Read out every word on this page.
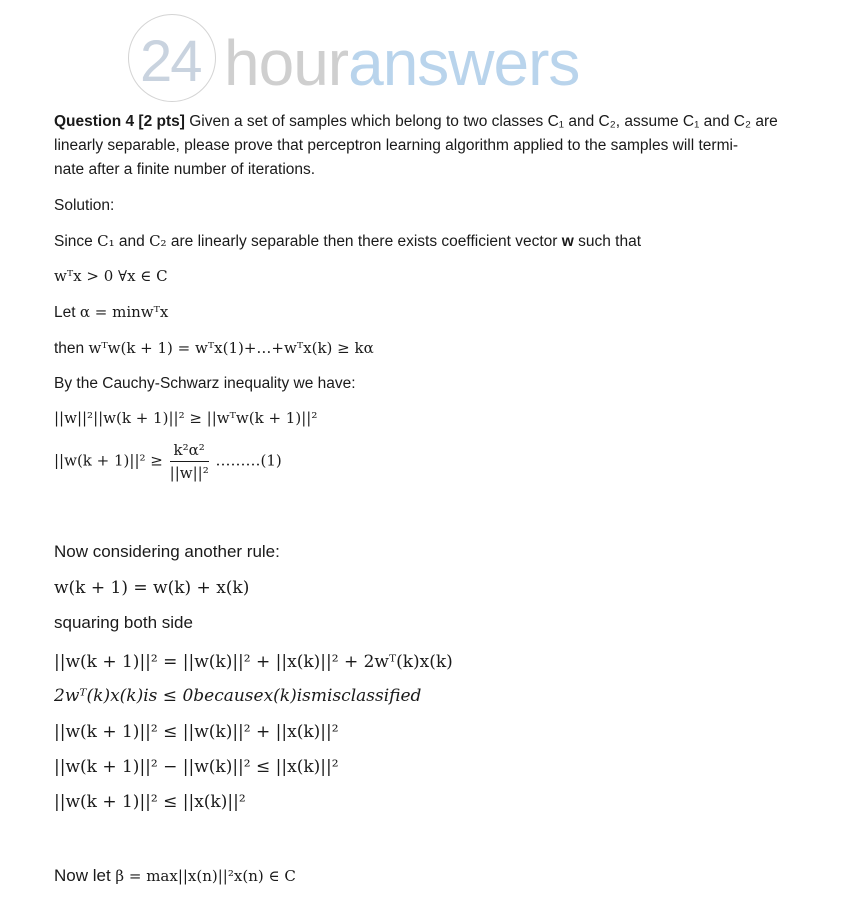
24 houranswers
Question 4 [2 pts] Given a set of samples which belong to two classes C₁ and C₂, assume C₁ and C₂ are
linearly separable, please prove that perceptron learning algorithm applied to the samples will termi-
nate after a finite number of iterations.
Solution:
Since C₁ and C₂ are linearly separable then there exists coefficient vector w such that
wᵀx > 0 ∀x ∈ C
Let α = minwᵀx
then wᵀw(k + 1) = wᵀx(1)+…+wᵀx(k) ≥ kα
By the Cauchy-Schwarz inequality we have:
||w||²||w(k + 1)||² ≥ ||wᵀw(k + 1)||²
$||w(k + 1)||^2 \ge \frac{\text{k²α²}}{\text{||w||²}}$ ………(1)
Now considering another rule:
w(k + 1) = w(k) + x(k)
squaring both side
||w(k + 1)||² = ||w(k)||² + ||x(k)||² + 2wᵀ(k)x(k)
2wᵀ(k)x(k)is ≤ 0becausex(k)ismisclassified
||w(k + 1)||² ≤ ||w(k)||² + ||x(k)||²
||w(k + 1)||² − ||w(k)||² ≤ ||x(k)||²
||w(k + 1)||² ≤ ||x(k)||²
Now let β = max||x(n)||²x(n) ∈ C
